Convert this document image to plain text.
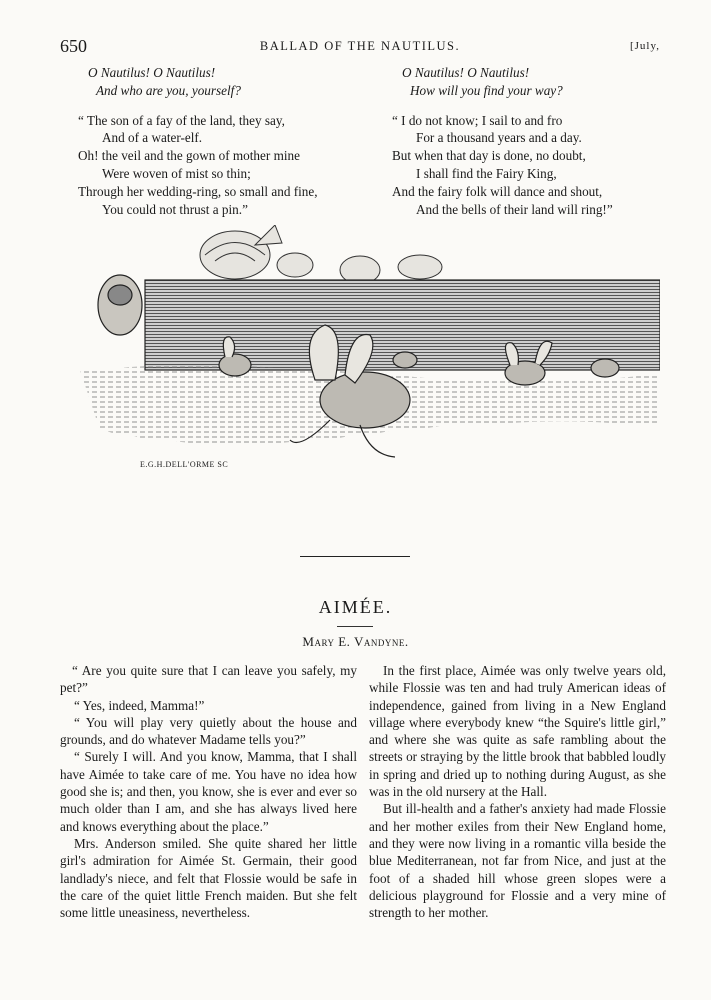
650	BALLAD OF THE NAUTILUS.	[July,
O Nautilus! O Nautilus!
And who are you, yourself?
“ The son of a fay of the land, they say,
And of a water-elf.
Oh! the veil and the gown of mother mine
Were woven of mist so thin;
Through her wedding-ring, so small and fine,
You could not thrust a pin.”
O Nautilus! O Nautilus!
How will you find your way?
“ I do not know; I sail to and fro
For a thousand years and a day.
But when that day is done, no doubt,
I shall find the Fairy King,
And the fairy folk will dance and shout,
And the bells of their land will ring!”
E.G.H.DELL'ORME SC
AIMÉE.
Mary E. Vandyne.

“ Are you quite sure that I can leave you safely, my pet?”

“ Yes, indeed, Mamma!”

“ You will play very quietly about the house and grounds, and do whatever Madame tells you?”

“ Surely I will. And you know, Mamma, that I shall have Aimée to take care of me. You have no idea how good she is; and then, you know, she is ever and ever so much older than I am, and she has always lived here and knows everything about the place.”

Mrs. Anderson smiled. She quite shared her little girl's admiration for Aimée St. Germain, their good landlady's niece, and felt that Flossie would be safe in the care of the quiet little French maiden. But she felt some little uneasiness, nevertheless.

In the first place, Aimée was only twelve years old, while Flossie was ten and had truly American ideas of independence, gained from living in a New England village where everybody knew “the Squire's little girl,” and where she was quite as safe rambling about the streets or straying by the little brook that babbled loudly in spring and dried up to nothing during August, as she was in the old nursery at the Hall.

But ill-health and a father's anxiety had made Flossie and her mother exiles from their New England home, and they were now living in a romantic villa beside the blue Mediterranean, not far from Nice, and just at the foot of a shaded hill whose green slopes were a delicious playground for Flossie and a very mine of strength to her mother.
